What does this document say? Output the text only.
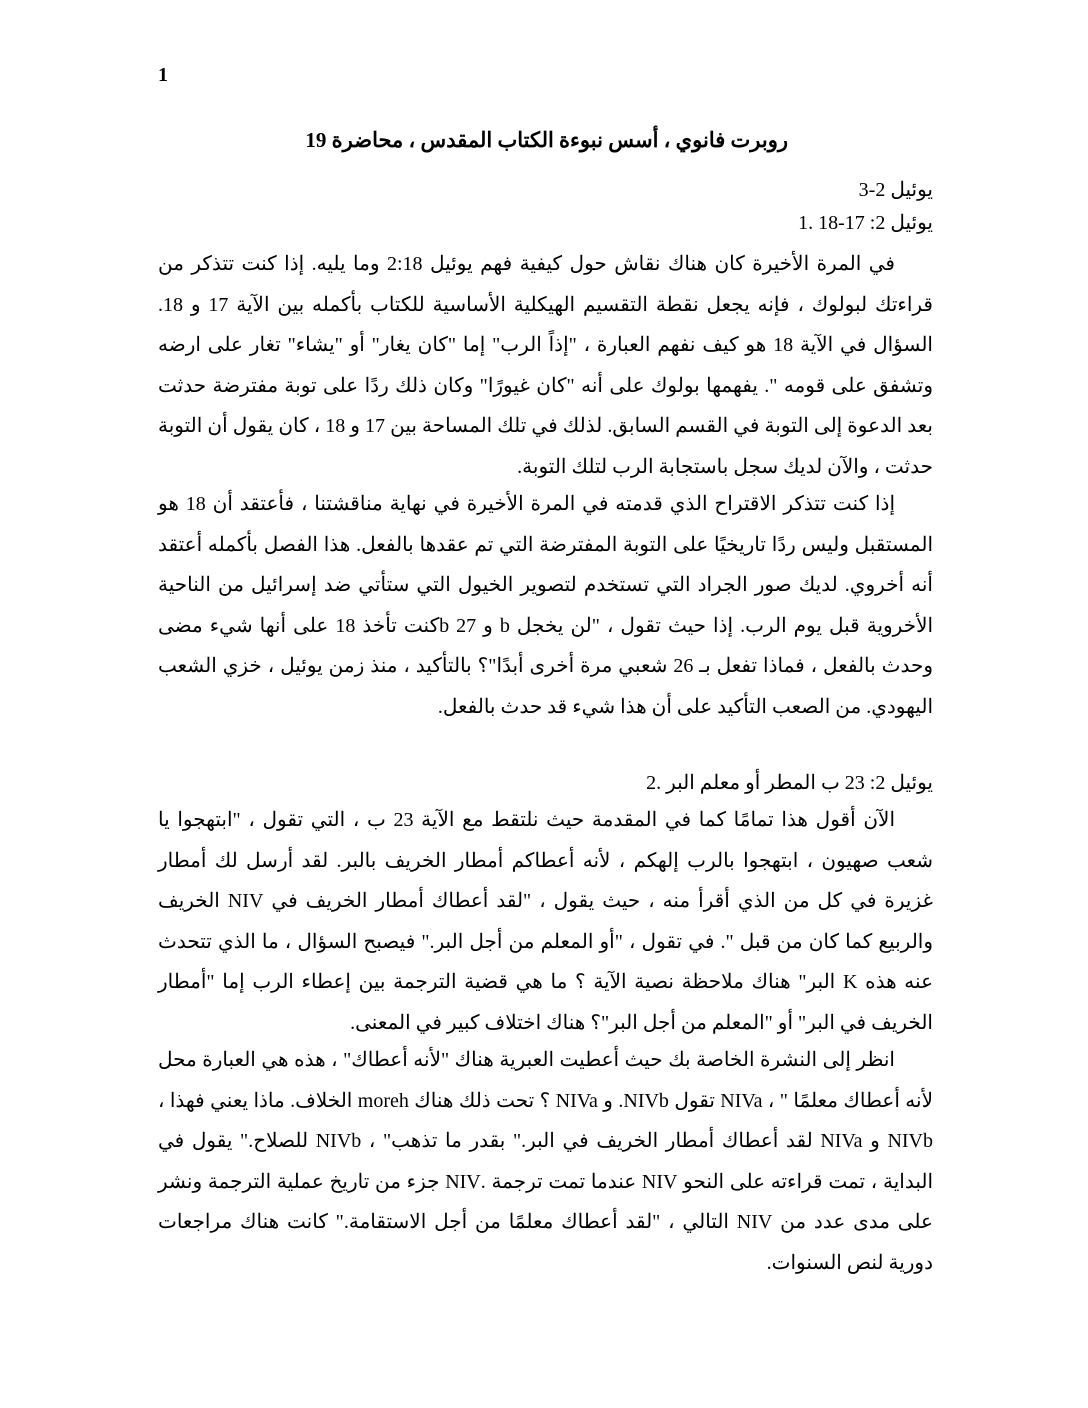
1
روبرت فانوي ، أسس نبوءة الكتاب المقدس ، محاضرة 19
يوئيل 2-3
يوئيل 2: 17-18 .1
في المرة الأخيرة كان هناك نقاش حول كيفية فهم يوئيل 2:18 وما يليه. إذا كنت تتذكر من قراءتك لبولوك ، فإنه يجعل نقطة التقسيم الهيكلية الأساسية للكتاب بأكمله بين الآية 17 و 18. السؤال في الآية 18 هو كيف نفهم العبارة ، "إذاً الرب" إما "كان يغار" أو "يشاء" تغار على ارضه وتشفق على قومه ". يفهمها بولوك على أنه "كان غيورًا" وكان ذلك ردًا على توبة مفترضة حدثت بعد الدعوة إلى التوبة في القسم السابق. لذلك في تلك المساحة بين 17 و 18 ، كان يقول أن التوبة حدثت ، والآن لديك سجل باستجابة الرب لتلك التوبة.
إذا كنت تتذكر الاقتراح الذي قدمته في المرة الأخيرة في نهاية مناقشتنا ، فأعتقد أن 18 هو المستقبل وليس ردًا تاريخيًا على التوبة المفترضة التي تم عقدها بالفعل. هذا الفصل بأكمله أعتقد أنه أخروي. لديك صور الجراد التي تستخدم لتصوير الخيول التي ستأتي ضد إسرائيل من الناحية الأخروية قبل يوم الرب. إذا حيث تقول ، "لن يخجل b و 27 bكنت تأخذ 18 على أنها شيء مضى وحدث بالفعل ، فماذا تفعل بـ 26 شعبي مرة أخرى أبدًا"؟ بالتأكيد ، منذ زمن يوئيل ، خزي الشعب اليهودي. من الصعب التأكيد على أن هذا شيء قد حدث بالفعل.
يوئيل 2: 23 ب المطر أو معلم البر .2
الآن أقول هذا تمامًا كما في المقدمة حيث نلتقط مع الآية 23 ب ، التي تقول ، "ابتهجوا يا شعب صهيون ، ابتهجوا بالرب إلهكم ، لأنه أعطاكم أمطار الخريف بالبر. لقد أرسل لك أمطار غزيرة في كل من الذي أقرأ منه ، حيث يقول ، "لقد أعطاك أمطار الخريف في NIV الخريف والربيع كما كان من قبل ". في تقول ، "أو المعلم من أجل البر." فيصبح السؤال ، ما الذي تتحدث عنه هذه K البر" هناك ملاحظة نصية الآية ؟ ما هي قضية الترجمة بين إعطاء الرب إما "أمطار الخريف في البر" أو "المعلم من أجل البر"؟ هناك اختلاف كبير في المعنى.
انظر إلى النشرة الخاصة بك حيث أعطيت العبرية هناك "لأنه أعطاك" ، هذه هي العبارة محل لأنه أعطاك معلمًا " ، NIVa تقول NIVb. و NIVa ؟ تحت ذلك هناك moreh الخلاف. ماذا يعني فهذا ، NIVb و NIVa لقد أعطاك أمطار الخريف في البر." بقدر ما تذهب" ، NIVb للصلاح." يقول في البداية ، تمت قراءته على النحو NIV عندما تمت ترجمة .NIV جزء من تاريخ عملية الترجمة ونشر على مدى عدد من NIV التالي ، "لقد أعطاك معلمًا من أجل الاستقامة." كانت هناك مراجعات دورية لنص السنوات.
